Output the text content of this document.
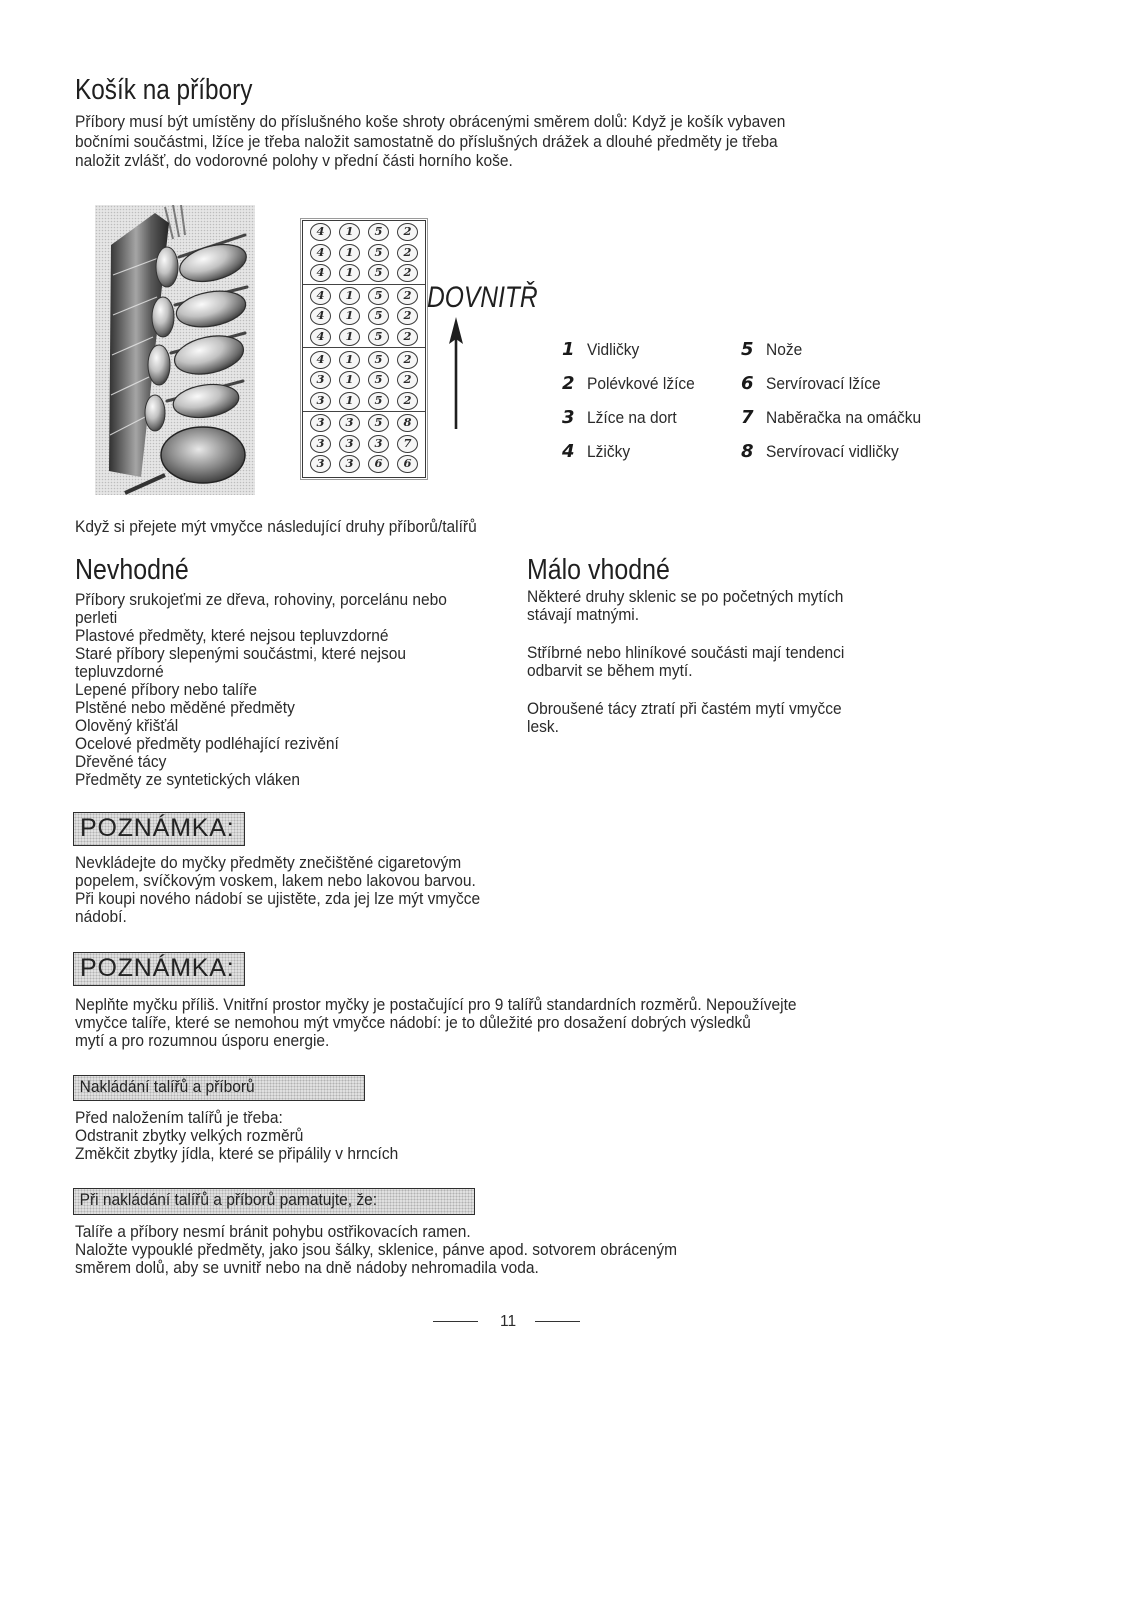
Košík na příbory
Příbory musí být umístěny do příslušného koše shroty obrácenými směrem dolů: Když je košík vybaven
bočními součástmi, lžíce je třeba naložit samostatně do příslušných drážek a dlouhé předměty je třeba
naložit zvlášť, do vodorovné polohy v přední části horního koše.
4	1	5	2
4	1	5	2
4	1	5	2
4	1	5	2
4	1	5	2
4	1	5	2
4	1	5	2
3	1	5	2
3	1	5	2
3	3	5	8
3	3	3	7
3	3	6	6
DOVNITŘ
1 Vidličky
2 Polévkové lžíce
3 Lžíce na dort
4 Lžičky
5 Nože
6 Servírovací lžíce
7 Naběračka na omáčku
8 Servírovací vidličky
Když si přejete mýt vmyčce následující druhy příborů/talířů
Nevhodné
Příbory srukojeťmi ze dřeva, rohoviny, porcelánu nebo
perleti
Plastové předměty, které nejsou tepluvzdorné
Staré příbory slepenými součástmi, které nejsou
tepluvzdorné
Lepené příbory nebo talíře
Plstěné nebo měděné předměty
Olověný křišťál
Ocelové předměty podléhající rezivění
Dřevěné tácy
Předměty ze syntetických vláken
Málo vhodné
Některé druhy sklenic se po početných mytích
stávají matnými.
Stříbrné nebo hliníkové součásti mají tendenci
odbarvit se během mytí.
Obroušené tácy ztratí při častém mytí vmyčce
lesk.
POZNÁMKA:
Nevkládejte do myčky předměty znečištěné cigaretovým
popelem, svíčkovým voskem, lakem nebo lakovou barvou.
Při koupi nového nádobí se ujistěte, zda jej lze mýt vmyčce
nádobí.
POZNÁMKA:
Neplňte myčku příliš. Vnitřní prostor myčky je postačující pro 9 talířů standardních rozměrů. Nepoužívejte
vmyčce talíře, které se nemohou mýt vmyčce nádobí: je to důležité pro dosažení dobrých výsledků
mytí a pro rozumnou úsporu energie.
Nakládání talířů a příborů
Před naložením talířů je třeba:
Odstranit zbytky velkých rozměrů
Změkčit zbytky jídla, které se připálily v hrncích
Při nakládání talířů a příborů pamatujte, že:
Talíře a příbory nesmí bránit pohybu ostřikovacích ramen.
Naložte vypouklé předměty, jako jsou šálky, sklenice, pánve apod. sotvorem obráceným
směrem dolů, aby se uvnitř nebo na dně nádoby nehromadila voda.
11
